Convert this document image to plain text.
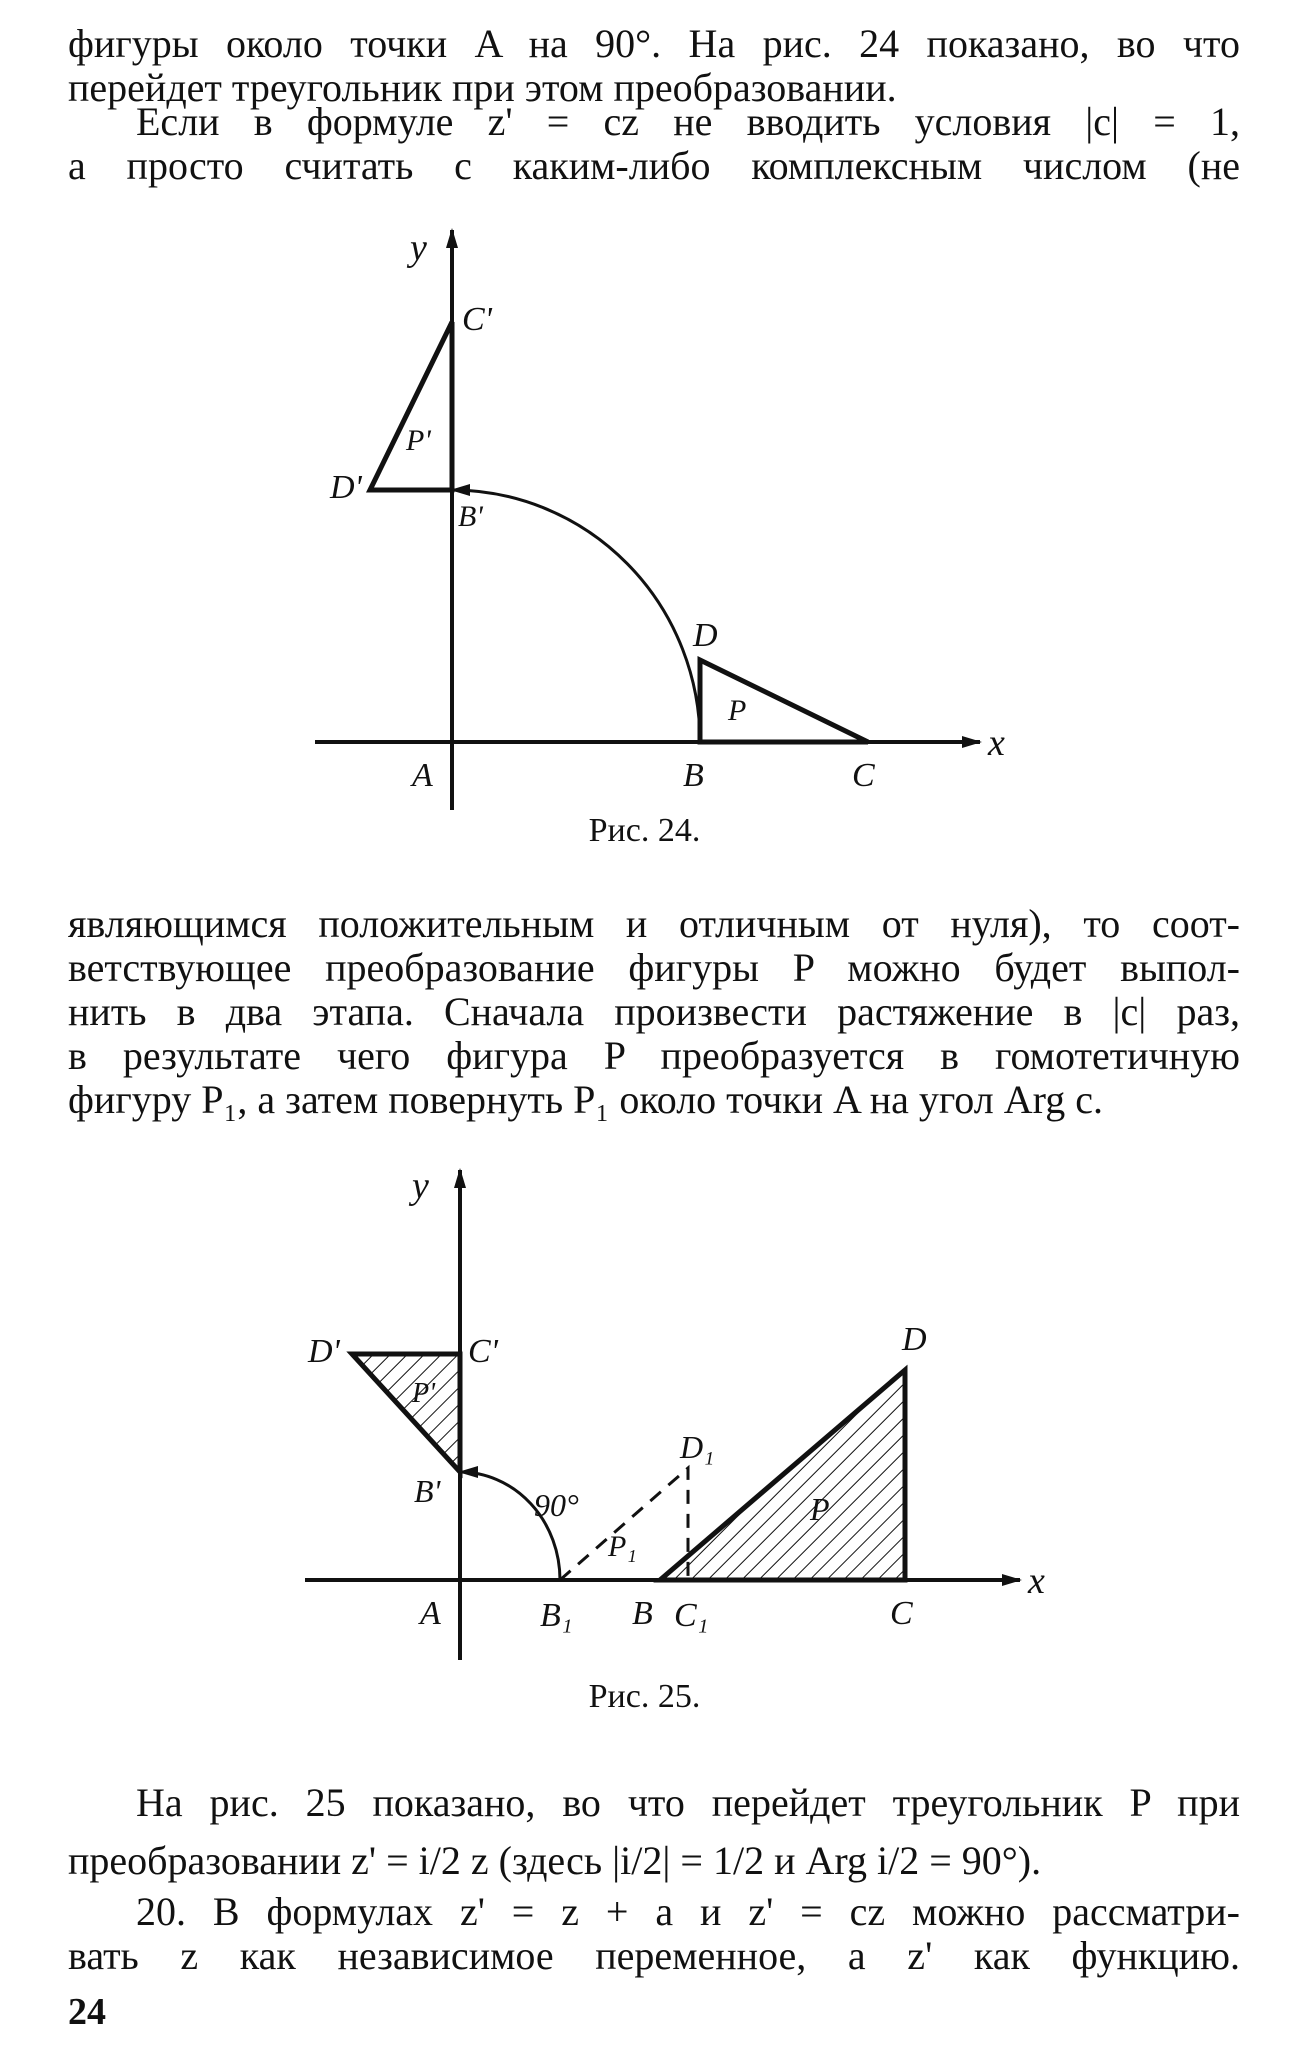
фигуры около точки A на 90°. На рис. 24 показано, во что
перейдет треугольник при этом преобразовании.

Если в формуле z' = cz не вводить условия |c| = 1,
а просто считать c каким-либо комплексным числом (не

y
x
A	B	C
D
P
B'
C'
D'
P'
Рис. 24.

являющимся положительным и отличным от нуля), то соот-
ветствующее преобразование фигуры P можно будет выпол-
нить в два этапа. Сначала произвести растяжение в |c| раз,
в результате чего фигура P преобразуется в гомотетичную
фигуру P₁, а затем повернуть P₁ около точки A на угол Arg c.

y
x
A	B₁ B C₁	C
D
D₁
P
P₁
B'
C'
D'
P'
90°
Рис. 25.

На рис. 25 показано, во что перейдет треугольник P при
преобразовании z' = i/2 z (здесь |i/2| = 1/2 и Arg i/2 = 90°).

20. В формулах z' = z + a и z' = cz можно рассматри-
вать z как независимое переменное, а z' как функцию.

24
